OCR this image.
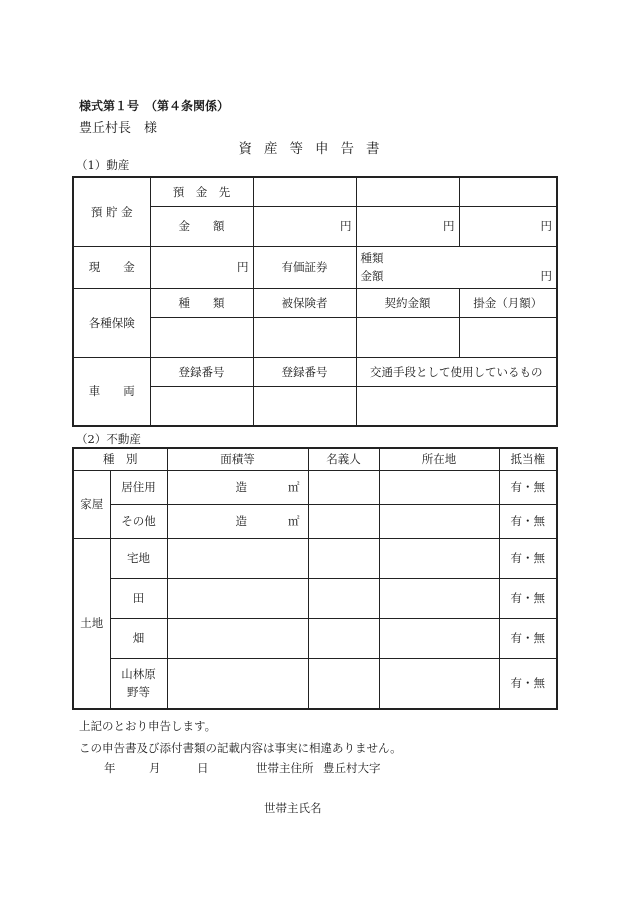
様式第１号　（第４条関係）
豊丘村長　様
資産等申告書
（1）動産
預 貯 金	預　金　先			
	金　　額	円	円	円
現　　金	円	有価証券	種類
金額 円	

各種保険	種　　類	被保険者	契約金額	掛金（月額）

車　　両	登録番号	登録番号	交通手段として使用しているもの	

（2）不動産
種　別		面積等	名義人	所在地	抵当権
家屋	居住用	造 ㎡			有・無
	その他	造 ㎡			有・無
土地	宅地				有・無
	田				有・無
	畑				有・無

	山林原
野等				有・無
上記のとおり申告します。
この申告書及び添付書類の記載内容は事実に相違ありません。
年	月	日	世帯主住所 豊丘村大字
世帯主氏名
